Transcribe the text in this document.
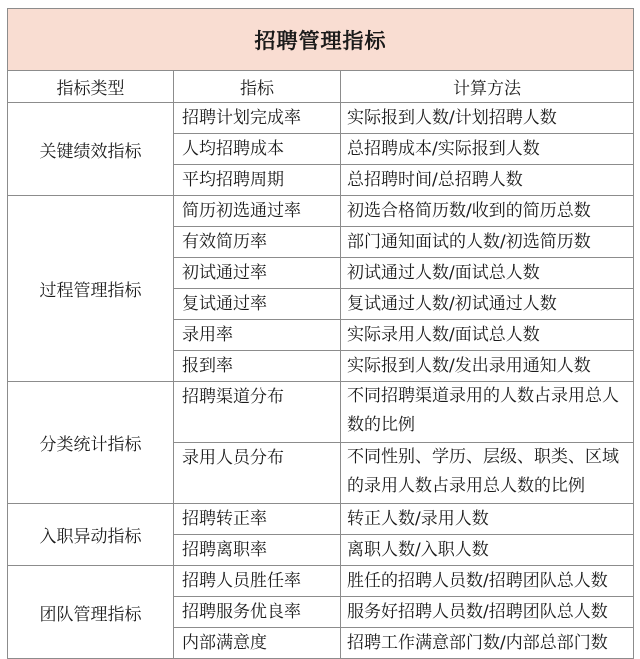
招聘管理指标		
指标类型	指标	计算方法
关键绩效指标	招聘计划完成率	实际报到人数/计划招聘人数
	人均招聘成本	总招聘成本/实际报到人数
	平均招聘周期	总招聘时间/总招聘人数
过程管理指标	简历初选通过率	初选合格简历数/收到的简历总数
	有效简历率	部门通知面试的人数/初选简历数
	初试通过率	初试通过人数/面试总人数
	复试通过率	复试通过人数/初试通过人数
	录用率	实际录用人数/面试总人数
	报到率	实际报到人数/发出录用通知人数
分类统计指标	招聘渠道分布	不同招聘渠道录用的人数占录用总人数的比例
	录用人员分布	不同性别、学历、层级、职类、区域的录用人数占录用总人数的比例
入职异动指标	招聘转正率	转正人数/录用人数
	招聘离职率	离职人数/入职人数
团队管理指标	招聘人员胜任率	胜任的招聘人员数/招聘团队总人数
	招聘服务优良率	服务好招聘人员数/招聘团队总人数
	内部满意度	招聘工作满意部门数/内部总部门数
